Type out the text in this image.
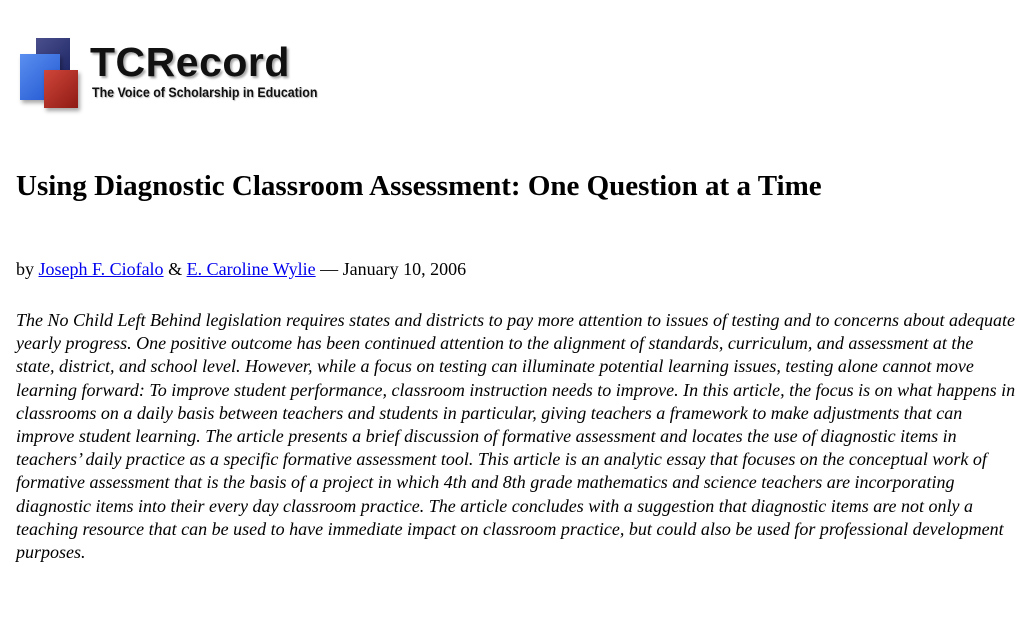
TCRecord
The Voice of Scholarship in Education
Using Diagnostic Classroom Assessment: One Question at a Time
by Joseph F. Ciofalo & E. Caroline Wylie — January 10, 2006

The No Child Left Behind legislation requires states and districts to pay more attention to issues of testing and to concerns about adequate yearly progress. One positive outcome has been continued attention to the alignment of standards, curriculum, and assessment at the state, district, and school level. However, while a focus on testing can illuminate potential learning issues, testing alone cannot move learning forward: To improve student performance, classroom instruction needs to improve. In this article, the focus is on what happens in classrooms on a daily basis between teachers and students in particular, giving teachers a framework to make adjustments that can improve student learning. The article presents a brief discussion of formative assessment and locates the use of diagnostic items in teachers’ daily practice as a specific formative assessment tool. This article is an analytic essay that focuses on the conceptual work of formative assessment that is the basis of a project in which 4th and 8th grade mathematics and science teachers are incorporating diagnostic items into their every day classroom practice. The article concludes with a suggestion that diagnostic items are not only a teaching resource that can be used to have immediate impact on classroom practice, but could also be used for professional development purposes.
